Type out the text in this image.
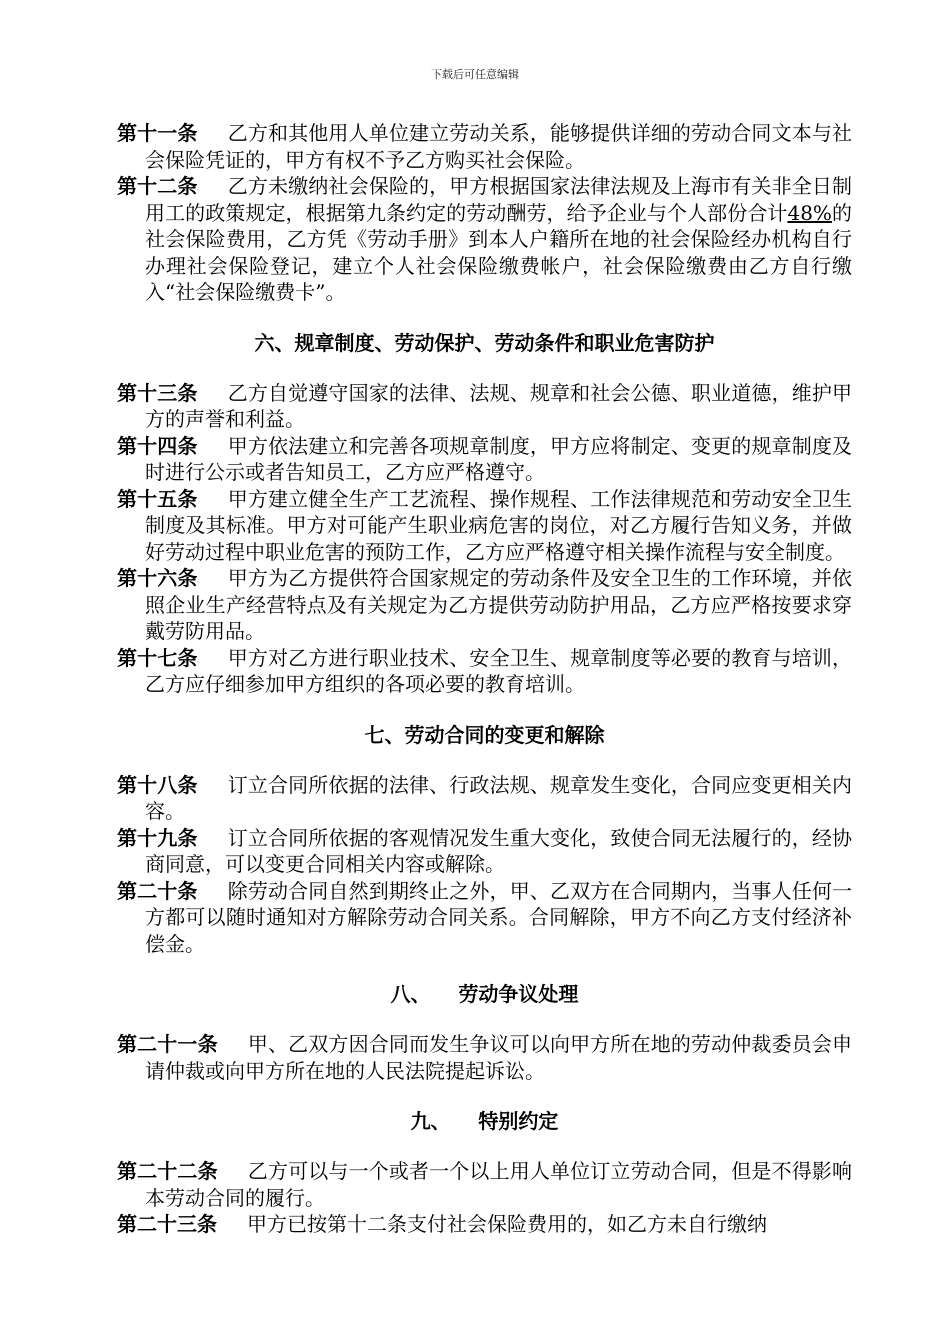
下载后可任意编辑
第十一条 乙方和其他用人单位建立劳动关系，能够提供详细的劳动合同文本与社会保险凭证的，甲方有权不予乙方购买社会保险。
第十二条 乙方未缴纳社会保险的，甲方根据国家法律法规及上海市有关非全日制用工的政策规定，根据第九条约定的劳动酬劳，给予企业与个人部份合计48%的社会保险费用，乙方凭《劳动手册》到本人户籍所在地的社会保险经办机构自行办理社会保险登记，建立个人社会保险缴费帐户，社会保险缴费由乙方自行缴入“社会保险缴费卡”。
六、规章制度、劳动保护、劳动条件和职业危害防护
第十三条 乙方自觉遵守国家的法律、法规、规章和社会公德、职业道德，维护甲方的声誉和利益。
第十四条 甲方依法建立和完善各项规章制度，甲方应将制定、变更的规章制度及时进行公示或者告知员工，乙方应严格遵守。
第十五条 甲方建立健全生产工艺流程、操作规程、工作法律规范和劳动安全卫生制度及其标准。甲方对可能产生职业病危害的岗位，对乙方履行告知义务，并做好劳动过程中职业危害的预防工作，乙方应严格遵守相关操作流程与安全制度。
第十六条 甲方为乙方提供符合国家规定的劳动条件及安全卫生的工作环境，并依照企业生产经营特点及有关规定为乙方提供劳动防护用品，乙方应严格按要求穿戴劳防用品。
第十七条 甲方对乙方进行职业技术、安全卫生、规章制度等必要的教育与培训，乙方应仔细参加甲方组织的各项必要的教育培训。
七、劳动合同的变更和解除
第十八条 订立合同所依据的法律、行政法规、规章发生变化，合同应变更相关内容。
第十九条 订立合同所依据的客观情况发生重大变化，致使合同无法履行的，经协商同意，可以变更合同相关内容或解除。
第二十条 除劳动合同自然到期终止之外，甲、乙双方在合同期内，当事人任何一方都可以随时通知对方解除劳动合同关系。合同解除，甲方不向乙方支付经济补偿金。
八、    劳动争议处理
第二十一条 甲、乙双方因合同而发生争议可以向甲方所在地的劳动仲裁委员会申请仲裁或向甲方所在地的人民法院提起诉讼。
九、    特别约定
第二十二条 乙方可以与一个或者一个以上用人单位订立劳动合同，但是不得影响本劳动合同的履行。
第二十三条 甲方已按第十二条支付社会保险费用的，如乙方未自行缴纳
